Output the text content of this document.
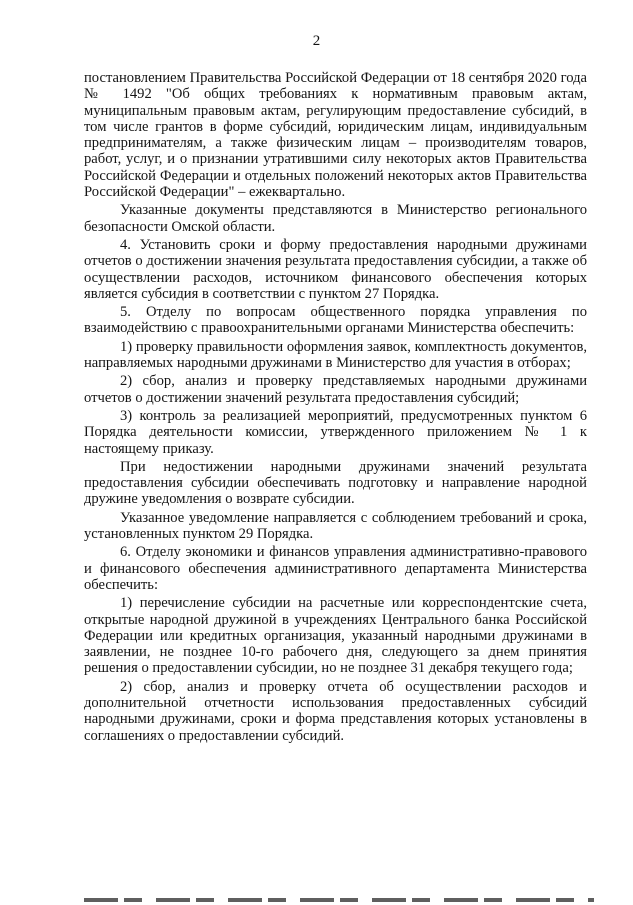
2

постановлением Правительства Российской Федерации от 18 сентября 2020 года № 1492 "Об общих требованиях к нормативным правовым актам, муниципальным правовым актам, регулирующим предоставление субсидий, в том числе грантов в форме субсидий, юридическим лицам, индивидуальным предпринимателям, а также физическим лицам – производителям товаров, работ, услуг, и о признании утратившими силу некоторых актов Правительства Российской Федерации и отдельных положений некоторых актов Правительства Российской Федерации" – ежеквартально.

Указанные документы представляются в Министерство регионального безопасности Омской области.

4. Установить сроки и форму предоставления народными дружинами отчетов о достижении значения результата предоставления субсидии, а также об осуществлении расходов, источником финансового обеспечения которых является субсидия в соответствии с пунктом 27 Порядка.

5. Отделу по вопросам общественного порядка управления по взаимодействию с правоохранительными органами Министерства обеспечить:

1) проверку правильности оформления заявок, комплектность документов, направляемых народными дружинами в Министерство для участия в отборах;

2) сбор, анализ и проверку представляемых народными дружинами отчетов о достижении значений результата предоставления субсидий;

3) контроль за реализацией мероприятий, предусмотренных пунктом 6 Порядка деятельности комиссии, утвержденного приложением № 1 к настоящему приказу.

При недостижении народными дружинами значений результата предоставления субсидии обеспечивать подготовку и направление народной дружине уведомления о возврате субсидии.

Указанное уведомление направляется с соблюдением требований и срока, установленных пунктом 29 Порядка.

6. Отделу экономики и финансов управления административно-правового и финансового обеспечения административного департамента Министерства обеспечить:

1) перечисление субсидии на расчетные или корреспондентские счета, открытые народной дружиной в учреждениях Центрального банка Российской Федерации или кредитных организация, указанный народными дружинами в заявлении, не позднее 10-го рабочего дня, следующего за днем принятия решения о предоставлении субсидии, но не позднее 31 декабря текущего года;

2) сбор, анализ и проверку отчета об осуществлении расходов и дополнительной отчетности использования предоставленных субсидий народными дружинами, сроки и форма представления которых установлены в соглашениях о предоставлении субсидий.
